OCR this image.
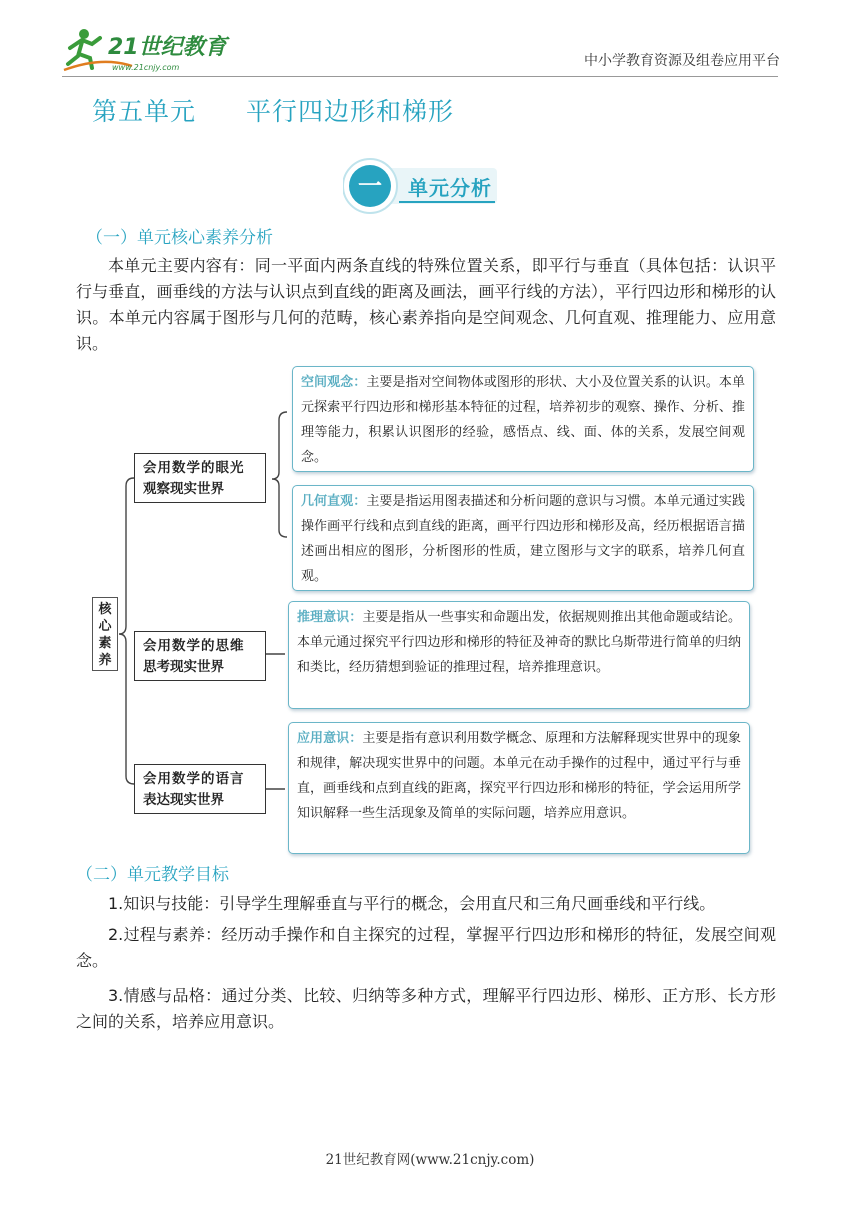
21世纪教育
www.21cnjy.com	中小学教育资源及组卷应用平台
第五单元 平行四边形和梯形
一	单元分析
（一）单元核心素养分析
本单元主要内容有：同一平面内两条直线的特殊位置关系，即平行与垂直（具体包括：认识平行与垂直，画垂线的方法与认识点到直线的距离及画法，画平行线的方法），平行四边形和梯形的认识。本单元内容属于图形与几何的范畴，核心素养指向是空间观念、几何直观、推理能力、应用意识。
核
心
素
养
会用数学的眼光
观察现实世界
会用数学的思维
思考现实世界
会用数学的语言
表达现实世界
空间观念：主要是指对空间物体或图形的形状、大小及位置关系的认识。本单元探索平行四边形和梯形基本特征的过程，培养初步的观察、操作、分析、推理等能力，积累认识图形的经验，感悟点、线、面、体的关系，发展空间观念。
几何直观：主要是指运用图表描述和分析问题的意识与习惯。本单元通过实践操作画平行线和点到直线的距离，画平行四边形和梯形及高，经历根据语言描述画出相应的图形，分析图形的性质，建立图形与文字的联系，培养几何直观。
推理意识：主要是指从一些事实和命题出发，依据规则推出其他命题或结论。本单元通过探究平行四边形和梯形的特征及神奇的默比乌斯带进行简单的归纳和类比，经历猜想到验证的推理过程，培养推理意识。
应用意识：主要是指有意识利用数学概念、原理和方法解释现实世界中的现象和规律，解决现实世界中的问题。本单元在动手操作的过程中，通过平行与垂直，画垂线和点到直线的距离，探究平行四边形和梯形的特征，学会运用所学知识解释一些生活现象及简单的实际问题，培养应用意识。
（二）单元教学目标
1.知识与技能：引导学生理解垂直与平行的概念，会用直尺和三角尺画垂线和平行线。
2.过程与素养：经历动手操作和自主探究的过程，掌握平行四边形和梯形的特征，发展空间观念。
3.情感与品格：通过分类、比较、归纳等多种方式，理解平行四边形、梯形、正方形、长方形之间的关系，培养应用意识。
21世纪教育网(www.21cnjy.com)
